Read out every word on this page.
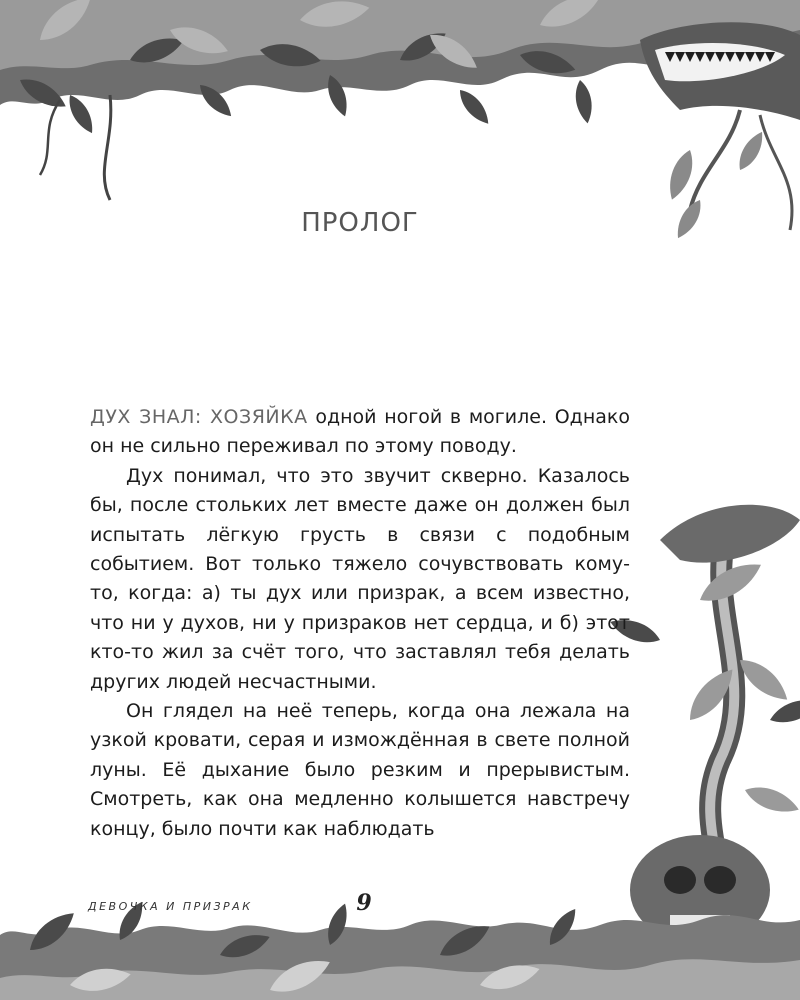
ПРОЛОГ

ДУХ ЗНАЛ: ХОЗЯЙКА одной ногой в могиле. Однако он не сильно переживал по этому поводу.

Дух понимал, что это звучит скверно. Казалось бы, после стольких лет вместе даже он должен был испытать лёгкую грусть в связи с подобным событием. Вот только тяжело сочувствовать кому-то, когда: а) ты дух или призрак, а всем известно, что ни у духов, ни у призраков нет сердца, и б) этот кто-то жил за счёт того, что заставлял тебя делать других людей несчастными.

Он глядел на неё теперь, когда она лежала на узкой кровати, серая и измождённая в свете полной луны. Её дыхание было резким и прерывистым. Смотреть, как она медленно колышется навстречу концу, было почти как наблюдать

ДЕВОЧКА И ПРИЗРАК	9
